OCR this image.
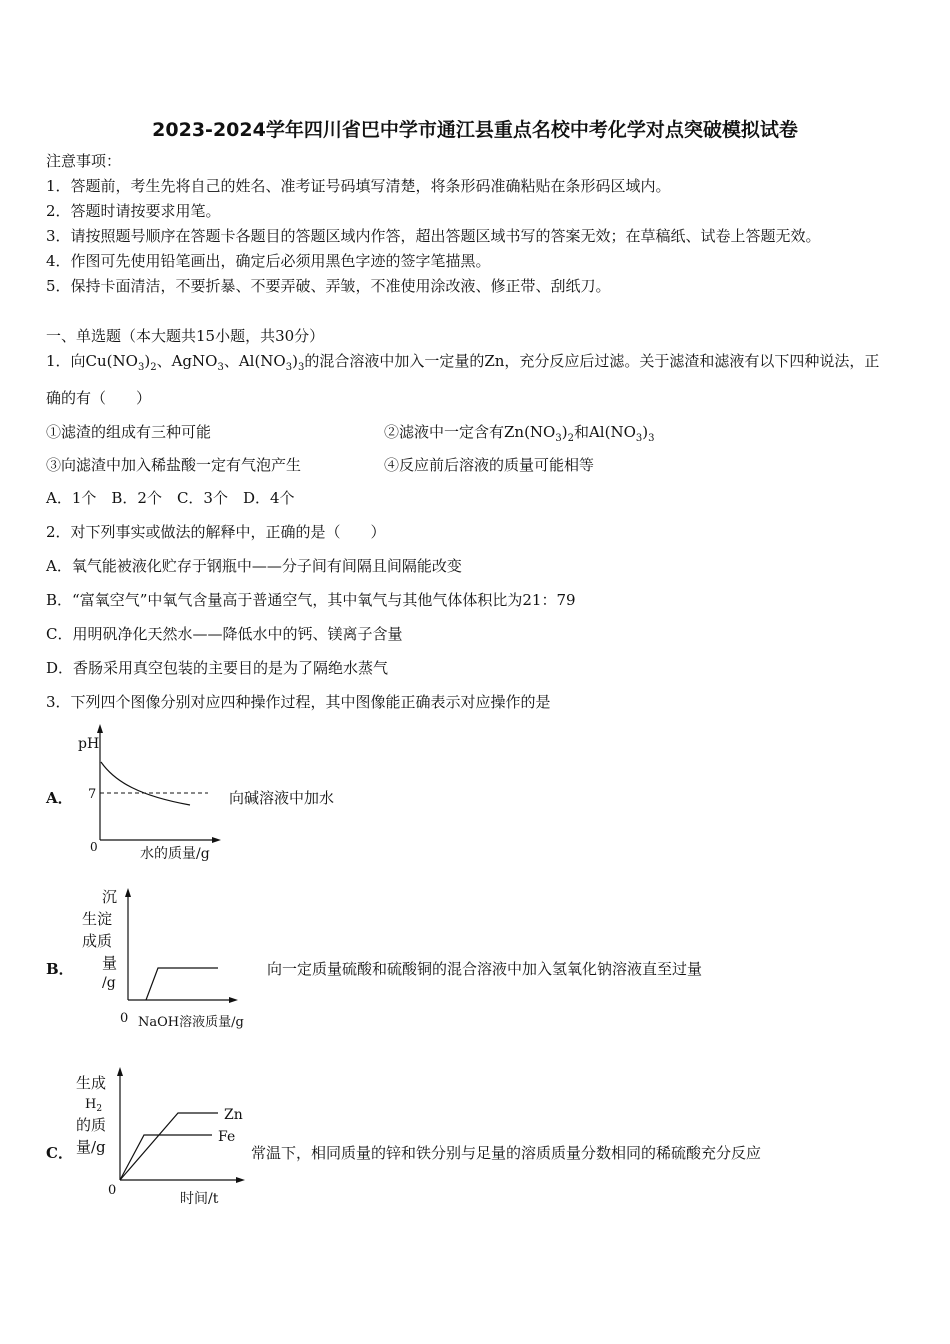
2023-2024学年四川省巴中学市通江县重点名校中考化学对点突破模拟试卷
注意事项：
1．答题前，考生先将自己的姓名、准考证号码填写清楚，将条形码准确粘贴在条形码区域内。
2．答题时请按要求用笔。
3．请按照题号顺序在答题卡各题目的答题区域内作答，超出答题区域书写的答案无效；在草稿纸、试卷上答题无效。
4．作图可先使用铅笔画出，确定后必须用黑色字迹的签字笔描黑。
5．保持卡面清洁，不要折暴、不要弄破、弄皱，不准使用涂改液、修正带、刮纸刀。
一、单选题（本大题共15小题，共30分）
1．向$Cu(NO_3)_2$、AgNO$_3$、$Al(NO_3)_3$的混合溶液中加入一定量的Zn，充分反应后过滤。关于滤渣和滤液有以下四种说法，正
确的有（　　）
①滤渣的组成有三种可能	②滤液中一定含有$Zn(NO_3)_2$和$Al(NO_3)_3$
③向滤渣中加入稀盐酸一定有气泡产生	④反应前后溶液的质量可能相等
A．1个　B．2个　C．3个　D．4个
2．对下列事实或做法的解释中，正确的是（　　）
A．氧气能被液化贮存于钢瓶中——分子间有间隔且间隔能改变
B．“富氧空气”中氧气含量高于普通空气，其中氧气与其他气体体积比为21：79
C．用明矾净化天然水——降低水中的钙、镁离子含量
D．香肠采用真空包装的主要目的是为了隔绝水蒸气
3．下列四个图像分别对应四种操作过程，其中图像能正确表示对应操作的是
A．
pH
7
0	水的质量/g
向碱溶液中加水
B．
沉
生淀
成质
量
/g
0 NaOH溶液质量/g
向一定质量硫酸和硫酸铜的混合溶液中加入氢氧化钠溶液直至过量
C．
生成
$H_2$
的质
量/g
Zn
Fe
0
时间/t
常温下，相同质量的锌和铁分别与足量的溶质质量分数相同的稀硫酸充分反应
